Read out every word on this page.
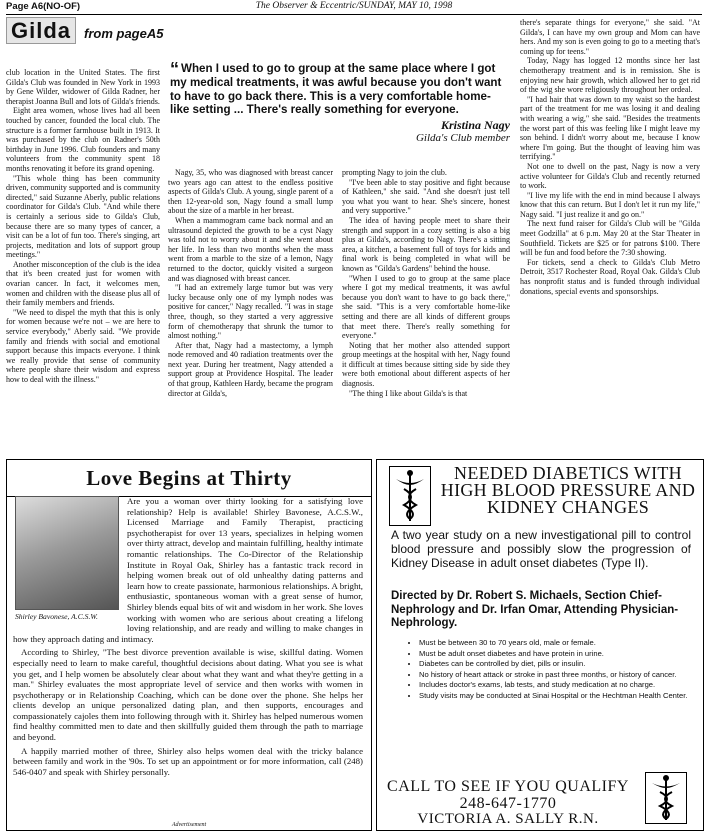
Page A6(NO-OF)	The Observer & Eccentric/SUNDAY, MAY 10, 1998
Gilda from pageA5

club location in the United States. The first Gilda's Club was founded in New York in 1993 by Gene Wilder, widower of Gilda Radner, her therapist Joanna Bull and lots of Gilda's friends.

Eight area women, whose lives had all been touched by cancer, founded the local club. The structure is a former farmhouse built in 1913. It was purchased by the club on Radner's 50th birthday in June 1996. Club founders and many volunteers from the community spent 18 months renovating it before its grand opening.

"This whole thing has been community driven, community supported and is community directed," said Suzanne Aberly, public relations coordinator for Gilda's Club. "And while there is certainly a serious side to Gilda's Club, because there are so many types of cancer, a visit can be a lot of fun too. There's singing, art projects, meditation and lots of support group meetings."

Another misconception of the club is the idea that it's been created just for women with ovarian cancer. In fact, it welcomes men, women and children with the disease plus all of their family members and friends.

"We need to dispel the myth that this is only for women because we're not – we are here to service everybody," Aberly said. "We provide family and friends with social and emotional support because this impacts everyone. I think we really provide that sense of community where people share their wisdom and express how to deal with the illness."

“ When I used to go to group at the same place where I got my medical treatments, it was awful because you don't want to have to go back there. This is a very comfortable home-like setting ... There's really something for everyone.
Kristina Nagy
Gilda's Club member

Nagy, 35, who was diagnosed with breast cancer two years ago can attest to the endless positive aspects of Gilda's Club. A young, single parent of a then 12-year-old son, Nagy found a small lump about the size of a marble in her breast.

When a mammogram came back normal and an ultrasound depicted the growth to be a cyst Nagy was told not to worry about it and she went about her life. In less than two months when the mass went from a marble to the size of a lemon, Nagy returned to the doctor, quickly visited a surgeon and was diagnosed with breast cancer.

"I had an extremely large tumor but was very lucky because only one of my lymph nodes was positive for cancer," Nagy recalled. "I was in stage three, though, so they started a very aggressive form of chemotherapy that shrunk the tumor to almost nothing."

After that, Nagy had a mastectomy, a lymph node removed and 40 radiation treatments over the next year. During her treatment, Nagy attended a support group at Providence Hospital. The leader of that group, Kathleen Hardy, became the program director at Gilda's,

prompting Nagy to join the club.

"I've been able to stay positive and fight because of Kathleen," she said. "And she doesn't just tell you what you want to hear. She's sincere, honest and very supportive."

The idea of having people meet to share their strength and support in a cozy setting is also a big plus at Gilda's, according to Nagy. There's a sitting area, a kitchen, a basement full of toys for kids and final work is being completed in what will be known as "Gilda's Gardens" behind the house.

"When I used to go to group at the same place where I got my medical treatments, it was awful because you don't want to have to go back there," she said. "This is a very comfortable home-like setting and there are all kinds of different groups that meet there. There's really something for everyone."

Noting that her mother also attended support group meetings at the hospital with her, Nagy found it difficult at times because sitting side by side they were both emotional about different aspects of her diagnosis.

"The thing I like about Gilda's is that

there's separate things for everyone," she said. "At Gilda's, I can have my own group and Mom can have hers. And my son is even going to go to a meeting that's coming up for teens."

Today, Nagy has logged 12 months since her last chemotherapy treatment and is in remission. She is enjoying new hair growth, which allowed her to get rid of the wig she wore religiously throughout her ordeal.

"I had hair that was down to my waist so the hardest part of the treatment for me was losing it and dealing with wearing a wig," she said. "Besides the treatments the worst part of this was feeling like I might leave my son behind. I didn't worry about me, because I know where I'm going. But the thought of leaving him was terrifying."

Not one to dwell on the past, Nagy is now a very active volunteer for Gilda's Club and recently returned to work.

"I live my life with the end in mind because I always know that this can return. But I don't let it run my life," Nagy said. "I just realize it and go on."

The next fund raiser for Gilda's Club will be "Gilda meet Godzilla" at 6 p.m. May 20 at the Star Theater in Southfield. Tickets are $25 or for patrons $100. There will be fun and food before the 7:30 showing.

For tickets, send a check to Gilda's Club Metro Detroit, 3517 Rochester Road, Royal Oak. Gilda's Club has nonprofit status and is funded through individual donations, special events and sponsorships.

Love Begins at Thirty
Shirley Bavonese, A.C.S.W.

Are you a woman over thirty looking for a satisfying love relationship? Help is available! Shirley Bavonese, A.C.S.W., Licensed Marriage and Family Therapist, practicing psychotherapist for over 13 years, specializes in helping women over thirty attract, develop and maintain fulfilling, healthy intimate romantic relationships. The Co-Director of the Relationship Institute in Royal Oak, Shirley has a fantastic track record in helping women break out of old unhealthy dating patterns and learn how to create passionate, harmonious relationships. A bright, enthusiastic, spontaneous woman with a great sense of humor, Shirley blends equal bits of wit and wisdom in her work. She loves working with women who are serious about creating a lifelong loving relationship, and are ready and willing to make changes in how they approach dating and intimacy.

According to Shirley, "The best divorce prevention available is wise, skillful dating. Women especially need to learn to make careful, thoughtful decisions about dating. What you see is what you get, and I help women be absolutely clear about what they want and what they're getting in a man." Shirley evaluates the most appropriate level of service and then works with women in psychotherapy or in Relationship Coaching, which can be done over the phone. She helps her clients develop an unique personalized dating plan, and then supports, encourages and compassionately cajoles them into following through with it. Shirley has helped numerous women find healthy committed men to date and then skillfully guided them through the path to marriage and beyond.

A happily married mother of three, Shirley also helps women deal with the tricky balance between family and work in the '90s. To set up an appointment or for more information, call (248) 546-0407 and speak with Shirley personally.

Advertisement
NEEDED DIABETICS WITH HIGH BLOOD PRESSURE AND KIDNEY CHANGES
A two year study on a new investigational pill to control blood pressure and possibly slow the progression of Kidney Disease in adult onset diabetes (Type II).
Directed by Dr. Robert S. Michaels, Section Chief-Nephrology and Dr. Irfan Omar, Attending Physician-Nephrology.
• Must be between 30 to 70 years old, male or female.
• Must be adult onset diabetes and have protein in urine.
• Diabetes can be controlled by diet, pills or insulin.
• No history of heart attack or stroke in past three months, or history of cancer.
• Includes doctor's exams, lab tests, and study medication at no charge.
• Study visits may be conducted at Sinai Hospital or the Hechtman Health Center.
CALL TO SEE IF YOU QUALIFY
248-647-1770
VICTORIA A. SALLY R.N.
